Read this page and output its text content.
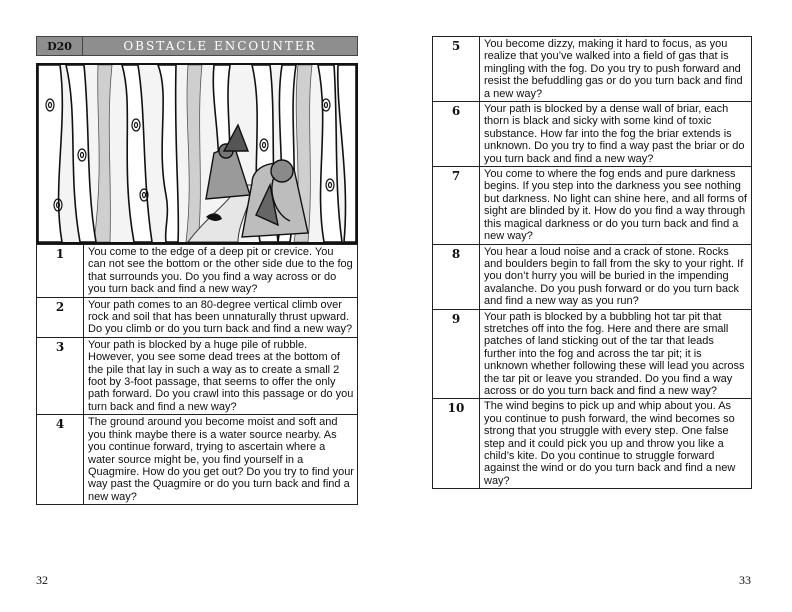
D20	OBSTACLE ENCOUNTER
1	You come to the edge of a deep pit or crevice. You can not see the bottom or the other side due to the fog that surrounds you. Do you find a way across or do you turn back and find a new way?
2	Your path comes to an 80-degree vertical climb over rock and soil that has been unnaturally thrust upward. Do you climb or do you turn back and find a new way?
3	Your path is blocked by a huge pile of rubble. However, you see some dead trees at the bottom of the pile that lay in such a way as to create a small 2 foot by 3-foot passage, that seems to offer the only path forward. Do you crawl into this passage or do you turn back and find a new way?
4	The ground around you become moist and soft and you think maybe there is a water source nearby. As you continue forward, trying to ascertain where a water source might be, you find yourself in a Quagmire. How do you get out? Do you try to find your way past the Quagmire or do you turn back and find a new way?
32
5	You become dizzy, making it hard to focus, as you realize that you’ve walked into a field of gas that is mingling with the fog. Do you try to push forward and resist the befuddling gas or do you turn back and find a new way?
6	Your path is blocked by a dense wall of briar, each thorn is black and sicky with some kind of toxic substance. How far into the fog the briar extends is unknown. Do you try to find a way past the briar or do you turn back and find a new way?
7	You come to where the fog ends and pure darkness begins. If you step into the darkness you see nothing but darkness. No light can shine here, and all forms of sight are blinded by it. How do you find a way through this magical darkness or do you turn back and find a new way?
8	You hear a loud noise and a crack of stone. Rocks and boulders begin to fall from the sky to your right. If you don’t hurry you will be buried in the impending avalanche. Do you push forward or do you turn back and find a new way as you run?
9	Your path is blocked by a bubbling hot tar pit that stretches off into the fog. Here and there are small patches of land sticking out of the tar that leads further into the fog and across the tar pit; it is unknown whether following these will lead you across the tar pit or leave you stranded. Do you find a way across or do you turn back and find a new way?
10	The wind begins to pick up and whip about you. As you continue to push forward, the wind becomes so strong that you struggle with every step. One false step and it could pick you up and throw you like a child’s kite. Do you continue to struggle forward against the wind or do you turn back and find a new way?
33
